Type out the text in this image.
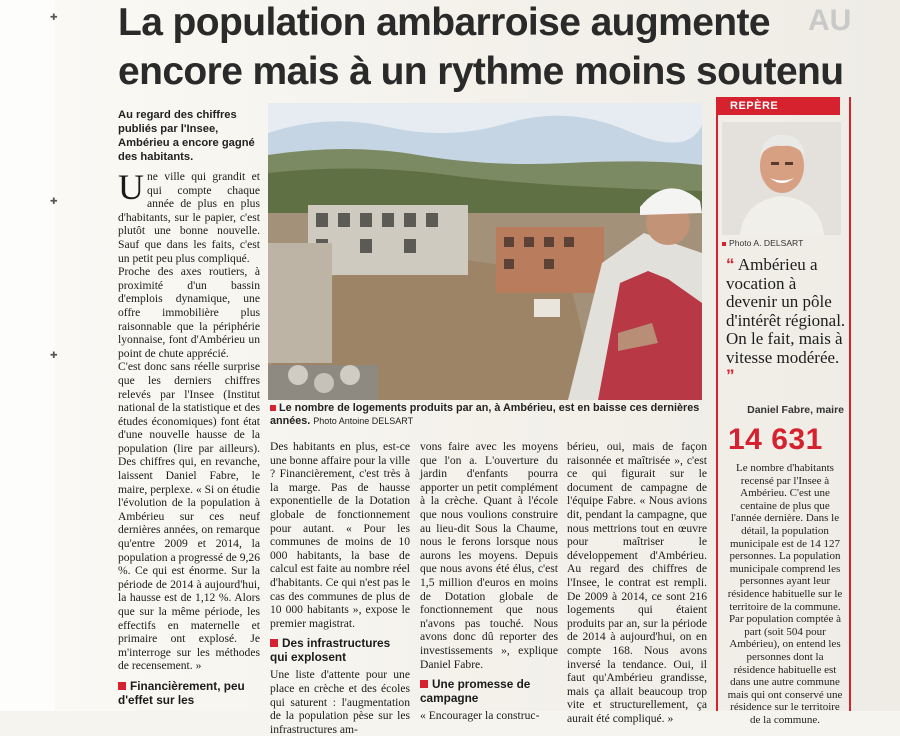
✚
✚
✚
La population ambarroise augmente
encore mais à un rythme moins soutenu
AU
Au regard des chiffres publiés par l'Insee, Ambérieu a encore gagné des habitants.

Une ville qui grandit et qui compte chaque année de plus en plus d'habitants, sur le papier, c'est plutôt une bonne nouvelle. Sauf que dans les faits, c'est un petit peu plus compliqué.

Proche des axes routiers, à proximité d'un bassin d'emplois dynamique, une offre immobilière plus raisonnable que la périphérie lyonnaise, font d'Ambérieu un point de chute apprécié.

C'est donc sans réelle surprise que les derniers chiffres relevés par l'Insee (Institut national de la statistique et des études économiques) font état d'une nouvelle hausse de la population (lire par ailleurs). Des chiffres qui, en revanche, laissent Daniel Fabre, le maire, perplexe. « Si on étudie l'évolution de la population à Ambérieu sur ces neuf dernières années, on remarque qu'entre 2009 et 2014, la population a progressé de 9,26 %. Ce qui est énorme. Sur la période de 2014 à aujourd'hui, la hausse est de 1,12 %. Alors que sur la même période, les effectifs en maternelle et primaire ont explosé. Je m'interroge sur les méthodes de recensement. »

Financièrement, peu d'effet sur les
Le nombre de logements produits par an, à Ambérieu, est en baisse ces dernières années. Photo Antoine DELSART

Des habitants en plus, est-ce une bonne affaire pour la ville ? Financièrement, c'est très à la marge. Pas de hausse exponentielle de la Dotation globale de fonctionnement pour autant. « Pour les communes de moins de 10 000 habitants, la base de calcul est faite au nombre réel d'habitants. Ce qui n'est pas le cas des communes de plus de 10 000 habitants », expose le premier magistrat.

Des infrastructures qui explosent

Une liste d'attente pour une place en crèche et des écoles qui saturent : l'augmentation de la population pèse sur les infrastructures am-

vons faire avec les moyens que l'on a. L'ouverture du jardin d'enfants pourra apporter un petit complément à la crèche. Quant à l'école que nous voulions construire au lieu-dit Sous la Chaume, nous le ferons lorsque nous aurons les moyens. Depuis que nous avons été élus, c'est 1,5 million d'euros en moins de Dotation globale de fonctionnement que nous n'avons pas touché. Nous avons donc dû reporter des investissements », explique Daniel Fabre.

Une promesse de campagne

« Encourager la construc-

bérieu, oui, mais de façon raisonnée et maîtrisée », c'est ce qui figurait sur le document de campagne de l'équipe Fabre. « Nous avions dit, pendant la campagne, que nous mettrions tout en œuvre pour maîtriser le développement d'Ambérieu. Au regard des chiffres de l'Insee, le contrat est rempli. De 2009 à 2014, ce sont 216 logements qui étaient produits par an, sur la période de 2014 à aujourd'hui, on en compte 168. Nous avons inversé la tendance. Oui, il faut qu'Ambérieu grandisse, mais ça allait beaucoup trop vite et structurellement, ça aurait été compliqué. »

REPÈRE
Photo A. DELSART
“ Ambérieu a vocation à devenir un pôle d'intérêt régional. On le fait, mais à vitesse modérée. ”
Daniel Fabre, maire
14 631
Le nombre d'habitants recensé par l'Insee à Ambérieu. C'est une centaine de plus que l'année dernière. Dans le détail, la population municipale est de 14 127 personnes. La population municipale comprend les personnes ayant leur résidence habituelle sur le territoire de la commune. Par population comptée à part (soit 504 pour Ambérieu), on entend les personnes dont la résidence habituelle est dans une autre commune mais qui ont conservé une résidence sur le territoire de la commune.
